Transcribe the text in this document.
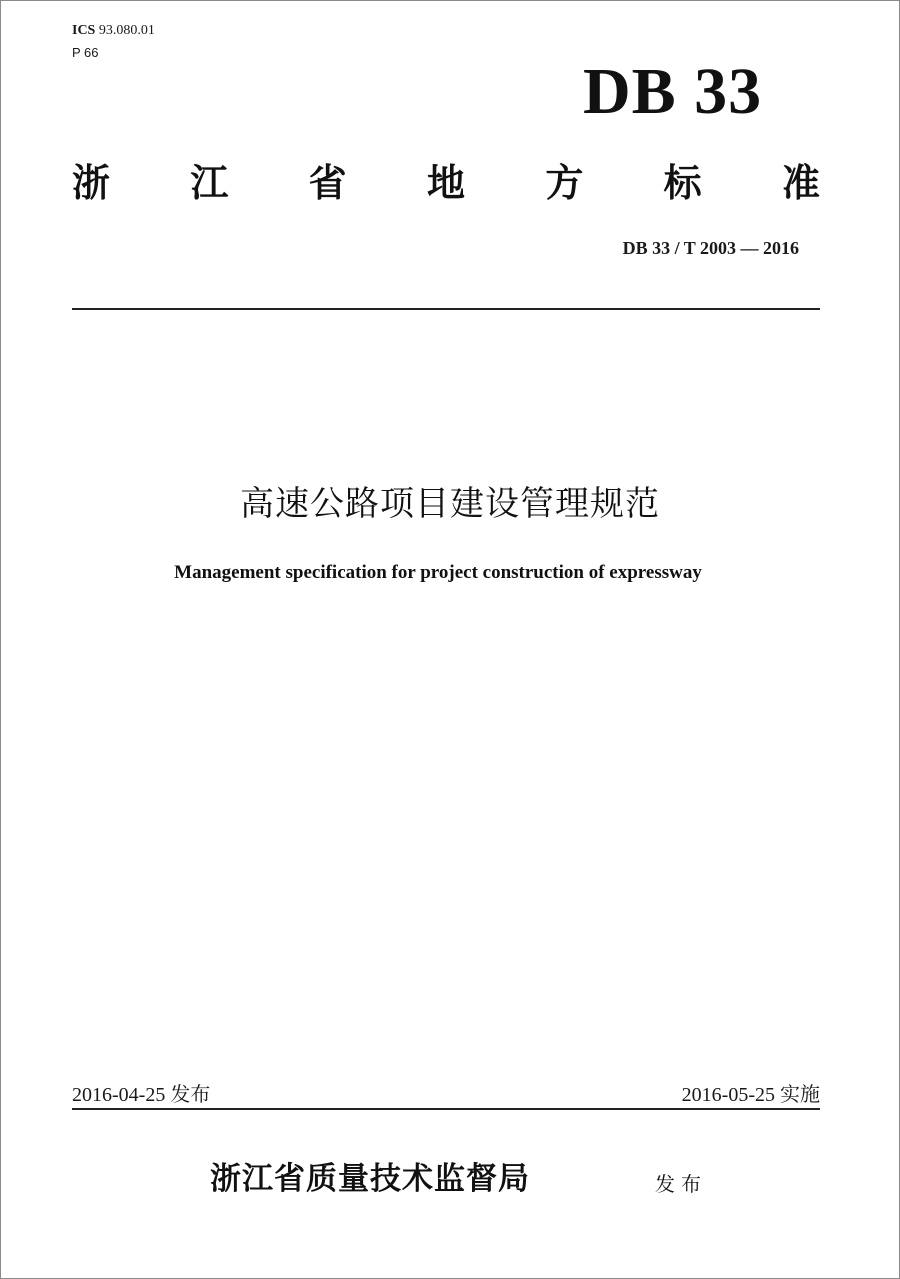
ICS 93.080.01
P 66
DB 33
浙 江 省 地 方 标 准
DB 33 / T 2003 — 2016
高速公路项目建设管理规范
Management specification for project construction of expressway
2016-04-25 发布	2016-05-25 实施
浙江省质量技术监督局	发布
